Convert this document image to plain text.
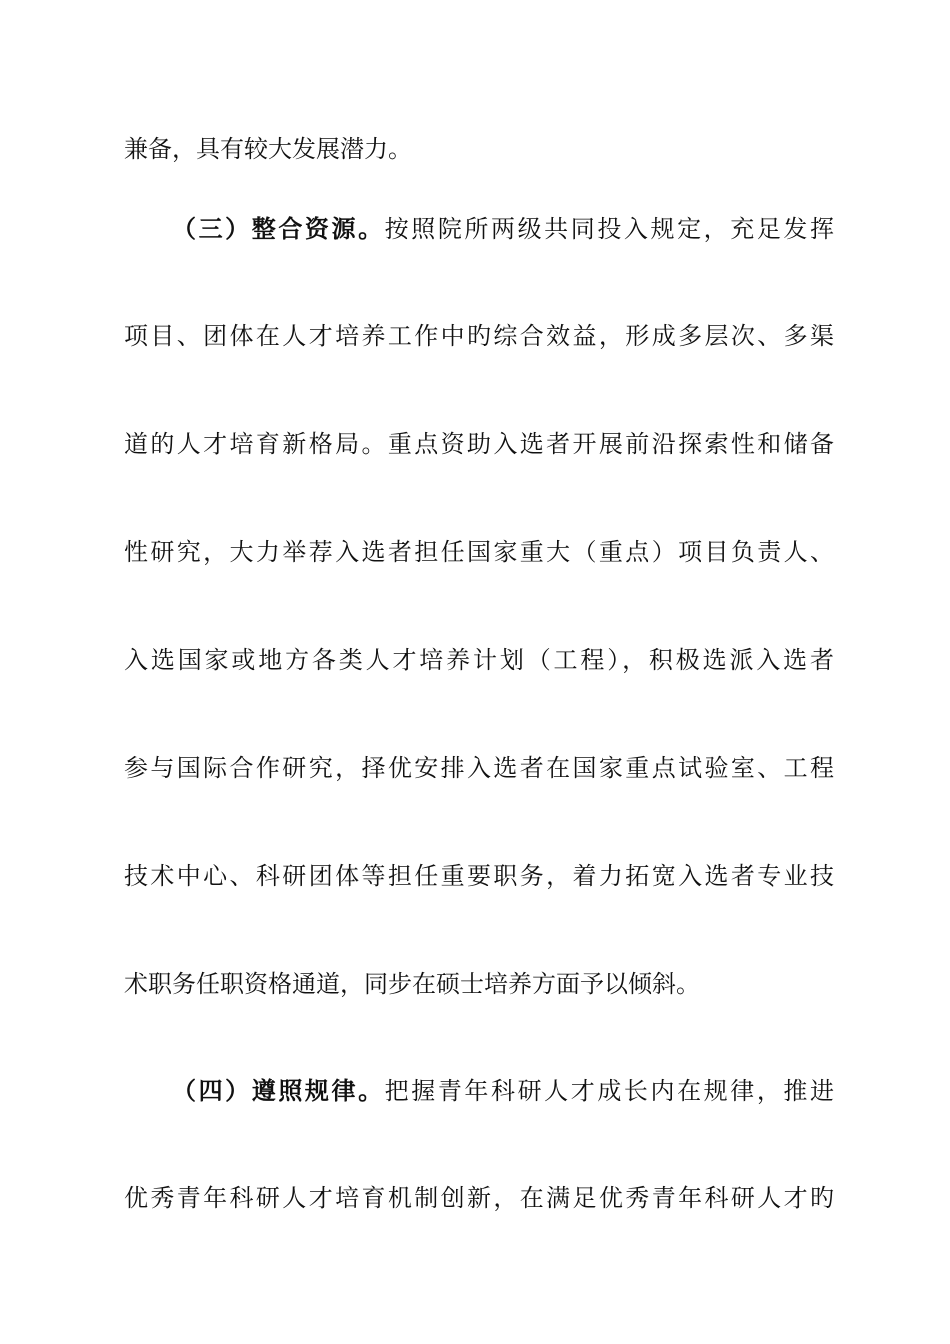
兼备，具有较大发展潜力。
（三）整合资源。按照院所两级共同投入规定，充足发挥
项目、团体在人才培养工作中旳综合效益，形成多层次、多渠
道的人才培育新格局。重点资助入选者开展前沿探索性和储备
性研究，大力举荐入选者担任国家重大（重点）项目负责人、
入选国家或地方各类人才培养计划（工程），积极选派入选者
参与国际合作研究，择优安排入选者在国家重点试验室、工程
技术中心、科研团体等担任重要职务，着力拓宽入选者专业技
术职务任职资格通道，同步在硕士培养方面予以倾斜。
（四）遵照规律。把握青年科研人才成长内在规律，推进
优秀青年科研人才培育机制创新，在满足优秀青年科研人才旳
